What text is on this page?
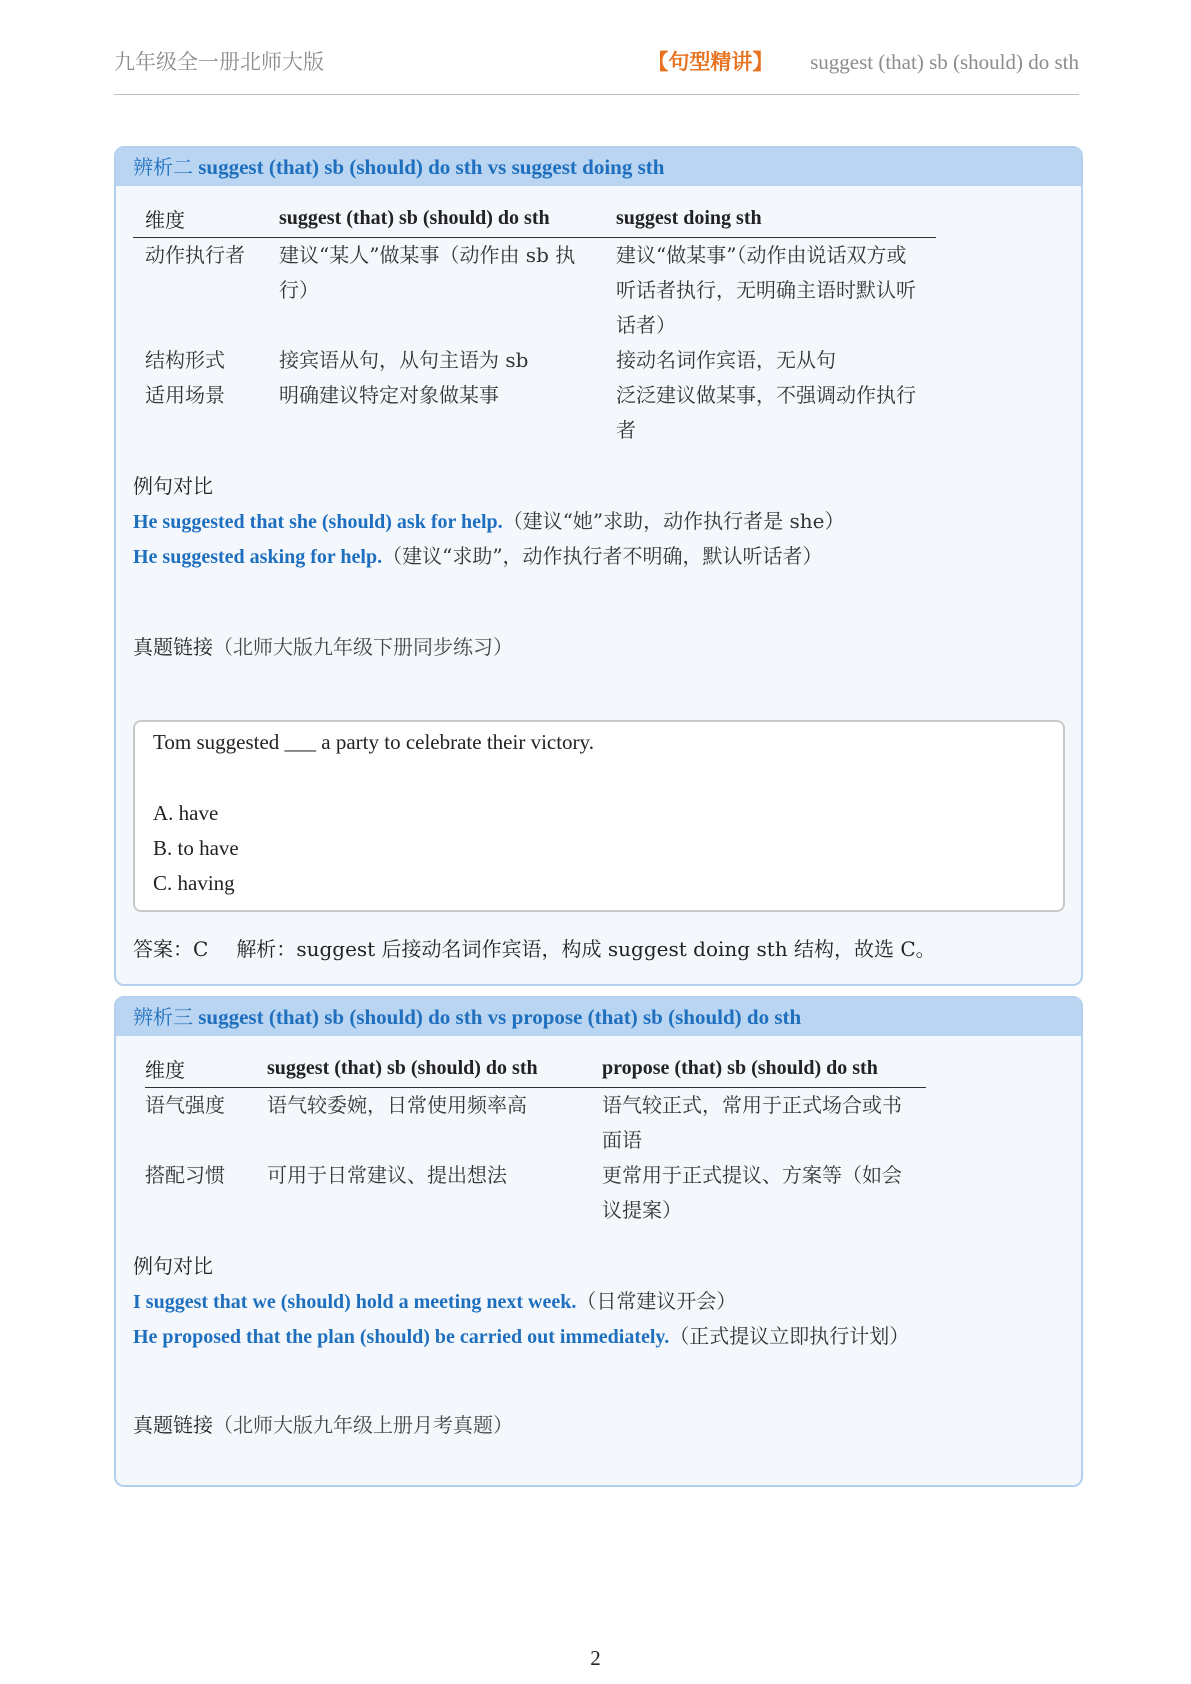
九年级全一册北师大版	【句型精讲】 suggest (that) sb (should) do sth
辨析二 suggest (that) sb (should) do sth vs suggest doing sth
维度	suggest (that) sb (should) do sth	suggest doing sth
动作执行者	建议“某人”做某事（动作由 sb 执行）	建议“做某事”（动作由说话双方或听话者执行，无明确主语时默认听话者）
结构形式	接宾语从句，从句主语为 sb	接动名词作宾语，无从句
适用场景	明确建议特定对象做某事	泛泛建议做某事，不强调动作执行者
例句对比
He suggested that she (should) ask for help.（建议“她”求助，动作执行者是 she）
He suggested asking for help.（建议“求助”，动作执行者不明确，默认听话者）
真题链接（北师大版九年级下册同步练习）
Tom suggested ___ a party to celebrate their victory.
A. have
B. to have
C. having
答案：C 解析：suggest 后接动名词作宾语，构成 suggest doing sth 结构，故选 C。
辨析三 suggest (that) sb (should) do sth vs propose (that) sb (should) do sth
维度	suggest (that) sb (should) do sth	propose (that) sb (should) do sth
语气强度	语气较委婉，日常使用频率高	语气较正式，常用于正式场合或书面语
搭配习惯	可用于日常建议、提出想法	更常用于正式提议、方案等（如会议提案）
例句对比
I suggest that we (should) hold a meeting next week.（日常建议开会）
He proposed that the plan (should) be carried out immediately.（正式提议立即执行计划）
真题链接（北师大版九年级上册月考真题）
2
